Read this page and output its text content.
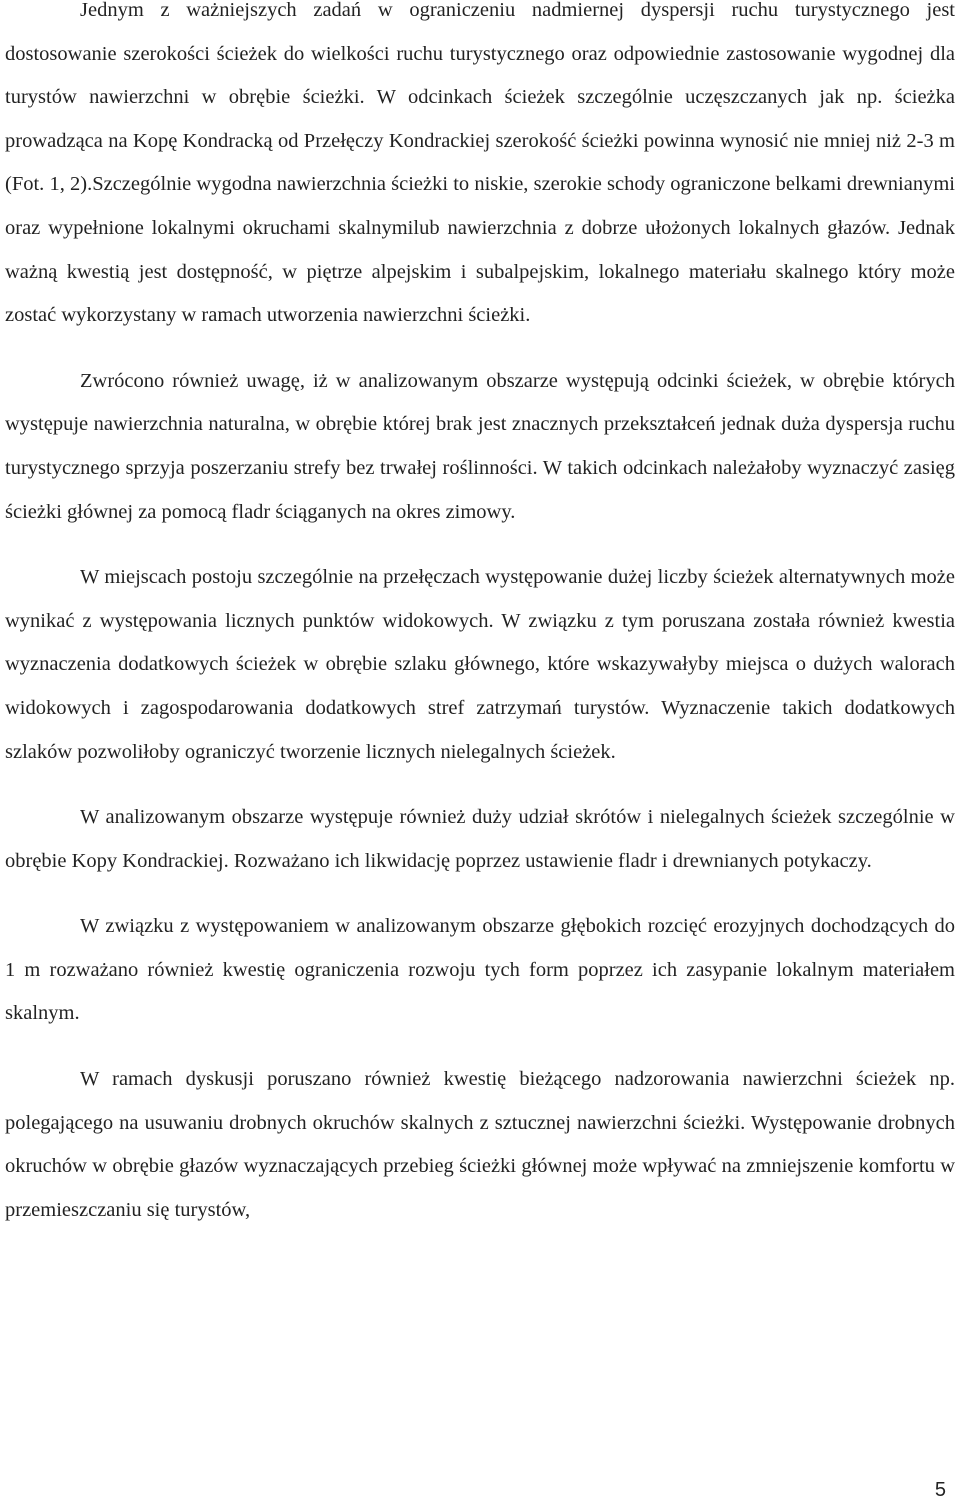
Jednym z ważniejszych zadań w ograniczeniu nadmiernej dyspersji ruchu turystycznego jest dostosowanie szerokości ścieżek do wielkości ruchu turystycznego oraz odpowiednie zastosowanie wygodnej dla turystów nawierzchni w obrębie ścieżki. W odcinkach ścieżek szczególnie uczęszczanych jak np. ścieżka prowadząca na Kopę Kondracką od Przełęczy Kondrackiej szerokość ścieżki powinna wynosić nie mniej niż 2-3 m (Fot. 1, 2).Szczególnie wygodna nawierzchnia ścieżki to niskie, szerokie schody ograniczone belkami drewnianymi oraz wypełnione lokalnymi okruchami skalnymilub nawierzchnia z dobrze ułożonych lokalnych głazów. Jednak ważną kwestią jest dostępność, w piętrze alpejskim i subalpejskim, lokalnego materiału skalnego który może zostać wykorzystany w ramach utworzenia nawierzchni ścieżki.

Zwrócono również uwagę, iż w analizowanym obszarze występują odcinki ścieżek, w obrębie których występuje nawierzchnia naturalna, w obrębie której brak jest znacznych przekształceń jednak duża dyspersja ruchu turystycznego sprzyja poszerzaniu strefy bez trwałej roślinności. W takich odcinkach należałoby wyznaczyć zasięg ścieżki głównej za pomocą fladr ściąganych na okres zimowy.

W miejscach postoju szczególnie na przełęczach występowanie dużej liczby ścieżek alternatywnych może wynikać z występowania licznych punktów widokowych. W związku z tym poruszana została również kwestia wyznaczenia dodatkowych ścieżek w obrębie szlaku głównego, które wskazywałyby miejsca o dużych walorach widokowych i zagospodarowania dodatkowych stref zatrzymań turystów. Wyznaczenie takich dodatkowych szlaków pozwoliłoby ograniczyć tworzenie licznych nielegalnych ścieżek.

W analizowanym obszarze występuje również duży udział skrótów i nielegalnych ścieżek szczególnie w obrębie Kopy Kondrackiej. Rozważano ich likwidację poprzez ustawienie fladr i drewnianych potykaczy.

W związku z występowaniem w analizowanym obszarze głębokich rozcięć erozyjnych dochodzących do 1 m rozważano również kwestię ograniczenia rozwoju tych form poprzez ich zasypanie lokalnym materiałem skalnym.

W ramach dyskusji poruszano również kwestię bieżącego nadzorowania nawierzchni ścieżek np. polegającego na usuwaniu drobnych okruchów skalnych z sztucznej nawierzchni ścieżki. Występowanie drobnych okruchów w obrębie głazów wyznaczających przebieg ścieżki głównej może wpływać na zmniejszenie komfortu w przemieszczaniu się turystów,

5
